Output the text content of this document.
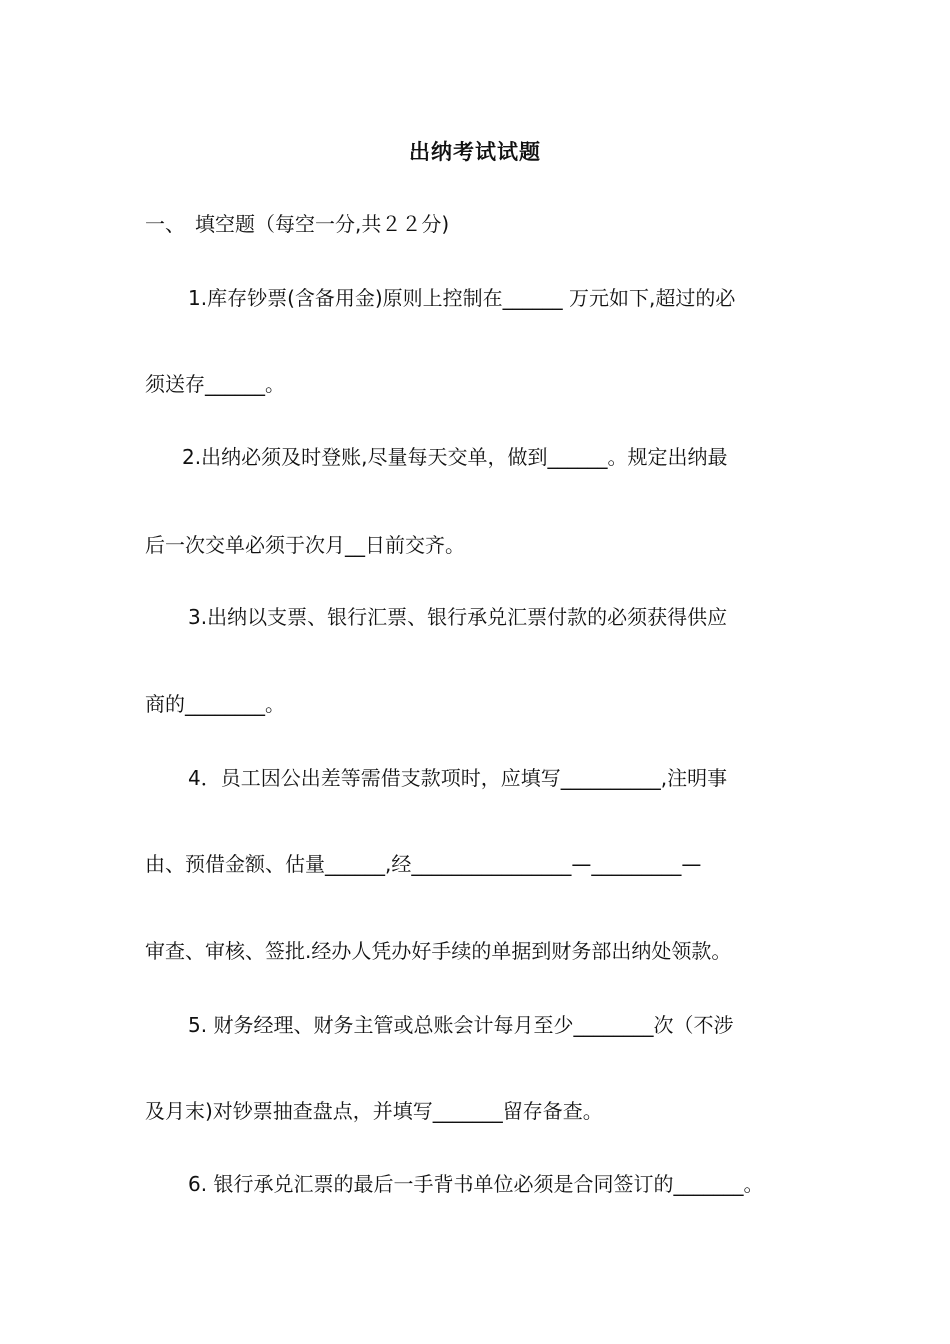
出纳考试试题
一、　填空题（每空一分,共２２分)
1.库存钞票(含备用金)原则上控制在______ 万元如下,超过的必
须送存______。
2.出纳必须及时登账,尽量每天交单，做到______。规定出纳最
后一次交单必须于次月__日前交齐。
3.出纳以支票、银行汇票、银行承兑汇票付款的必须获得供应
商的________。
4．员工因公出差等需借支款项时，应填写__________,注明事
由、预借金额、估量______,经________________—_________—
审查、审核、签批.经办人凭办好手续的单据到财务部出纳处领款。
5. 财务经理、财务主管或总账会计每月至少________次（不涉
及月末)对钞票抽查盘点，并填写_______留存备查。
6. 银行承兑汇票的最后一手背书单位必须是合同签订的_______。
